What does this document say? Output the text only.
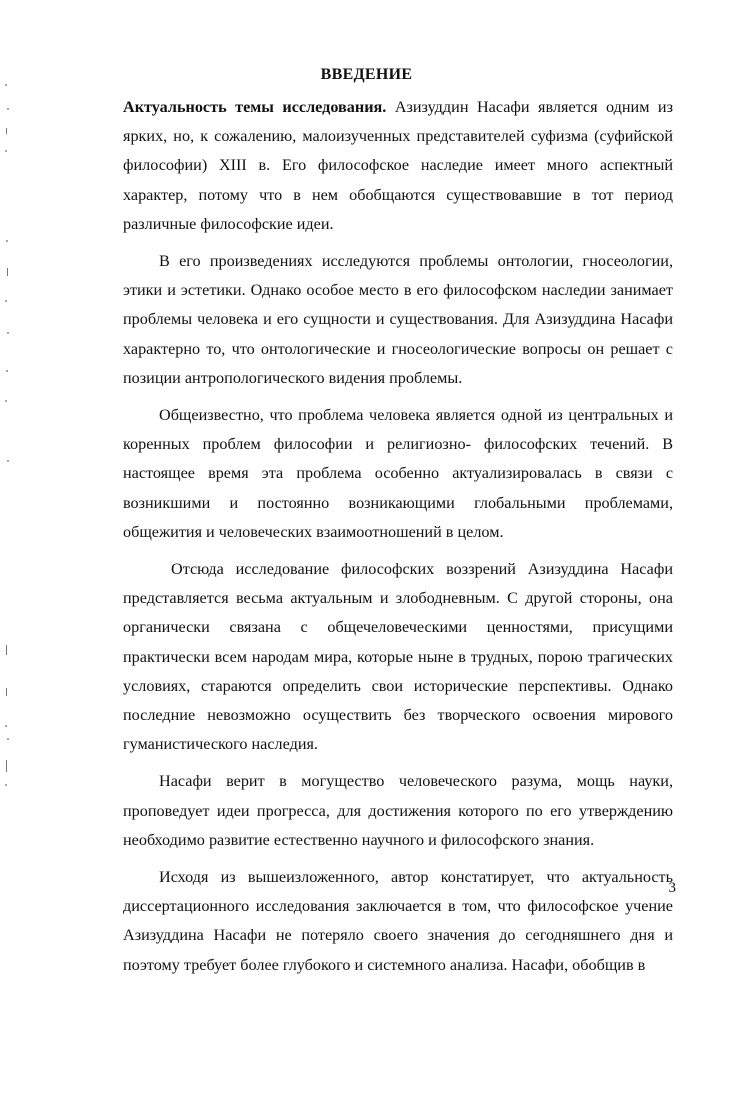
ВВЕДЕНИЕ

Актуальность темы исследования. Азизуддин Насафи является одним из ярких, но, к сожалению, малоизученных представителей суфизма (суфийской философии) XIII в. Его философское наследие имеет много аспектный характер, потому что в нем обобщаются существовавшие в тот период различные философские идеи.

В его произведениях исследуются проблемы онтологии, гносеологии, этики и эстетики. Однако особое место в его философском наследии занимает проблемы человека и его сущности и существования. Для Азизуддина Насафи характерно то, что онтологические и гносеологические вопросы он решает с позиции антропологического видения проблемы.

Общеизвестно, что проблема человека является одной из центральных и коренных проблем философии и религиозно- философских течений. В настоящее время эта проблема особенно актуализировалась в связи с возникшими и постоянно возникающими глобальными проблемами, общежития и человеческих взаимоотношений в целом.

Отсюда исследование философских воззрений Азизуддина Насафи представляется весьма актуальным и злободневным. С другой стороны, она органически связана с общечеловеческими ценностями, присущими практически всем народам мира, которые ныне в трудных, порою трагических условиях, стараются определить свои исторические перспективы. Однако последние невозможно осуществить без творческого освоения мирового гуманистического наследия.

Насафи верит в могущество человеческого разума, мощь науки, проповедует идеи прогресса, для достижения которого по его утверждению необходимо развитие естественно научного и философского знания.

Исходя из вышеизложенного, автор констатирует, что актуальность диссертационного исследования заключается в том, что философское учение Азизуддина Насафи не потеряло своего значения до сегодняшнего дня и поэтому требует более глубокого и системного анализа. Насафи, обобщив в

3
